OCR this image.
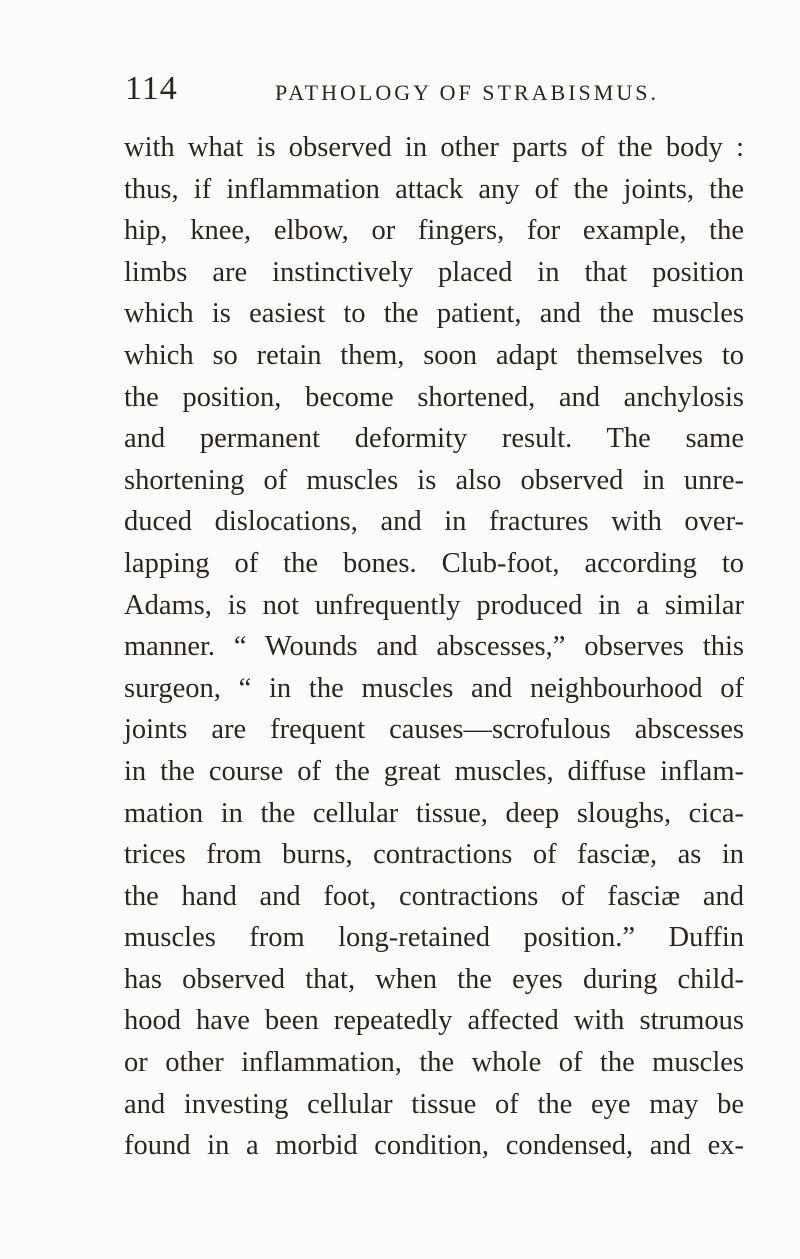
114	PATHOLOGY OF STRABISMUS.
with what is observed in other parts of the body :
thus, if inflammation attack any of the joints, the
hip, knee, elbow, or fingers, for example, the
limbs are instinctively placed in that position
which is easiest to the patient, and the muscles
which so retain them, soon adapt themselves to
the position, become shortened, and anchylosis
and permanent deformity result. The same
shortening of muscles is also observed in unre-
duced dislocations, and in fractures with over-
lapping of the bones. Club-foot, according to
Adams, is not unfrequently produced in a similar
manner. “ Wounds and abscesses,” observes this
surgeon, “ in the muscles and neighbourhood of
joints are frequent causes—scrofulous abscesses
in the course of the great muscles, diffuse inflam-
mation in the cellular tissue, deep sloughs, cica-
trices from burns, contractions of fasciæ, as in
the hand and foot, contractions of fasciæ and
muscles from long-retained position.” Duffin
has observed that, when the eyes during child-
hood have been repeatedly affected with strumous
or other inflammation, the whole of the muscles
and investing cellular tissue of the eye may be
found in a morbid condition, condensed, and ex-
